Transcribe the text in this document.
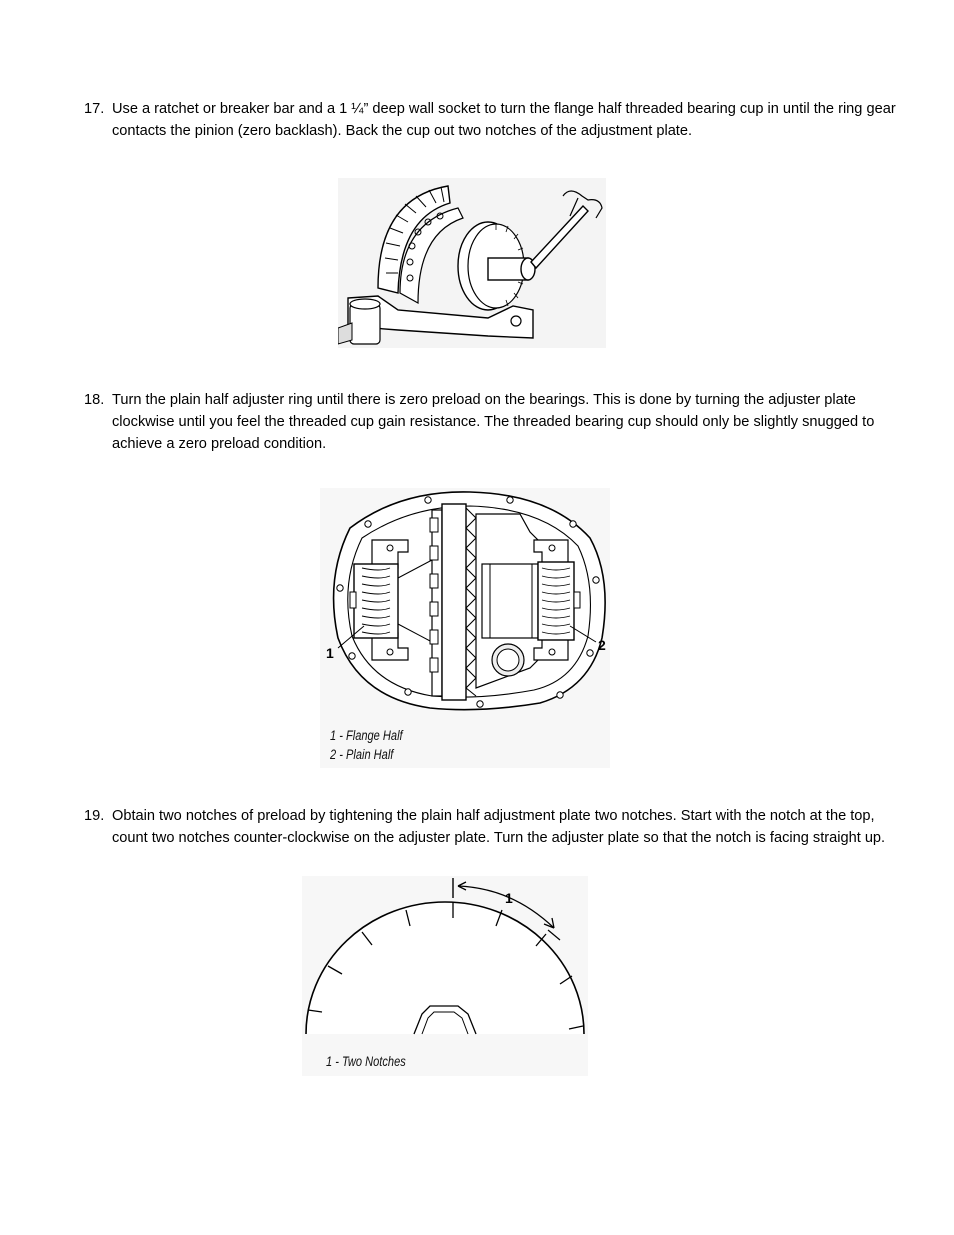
17. Use a ratchet or breaker bar and a 1 ¼” deep wall socket to turn the flange half threaded bearing cup in until the ring gear contacts the pinion (zero backlash). Back the cup out two notches of the adjustment plate.
18. Turn the plain half adjuster ring until there is zero preload on the bearings. This is done by turning the adjuster plate clockwise until you feel the threaded cup gain resistance. The threaded bearing cup should only be slightly snugged to achieve a zero preload condition.
1	2
1 - Flange Half
2 - Plain Half
19. Obtain two notches of preload by tightening the plain half adjustment plate two notches. Start with the notch at the top, count two notches counter-clockwise on the adjuster plate. Turn the adjuster plate so that the notch is facing straight up.
1
1 - Two Notches
